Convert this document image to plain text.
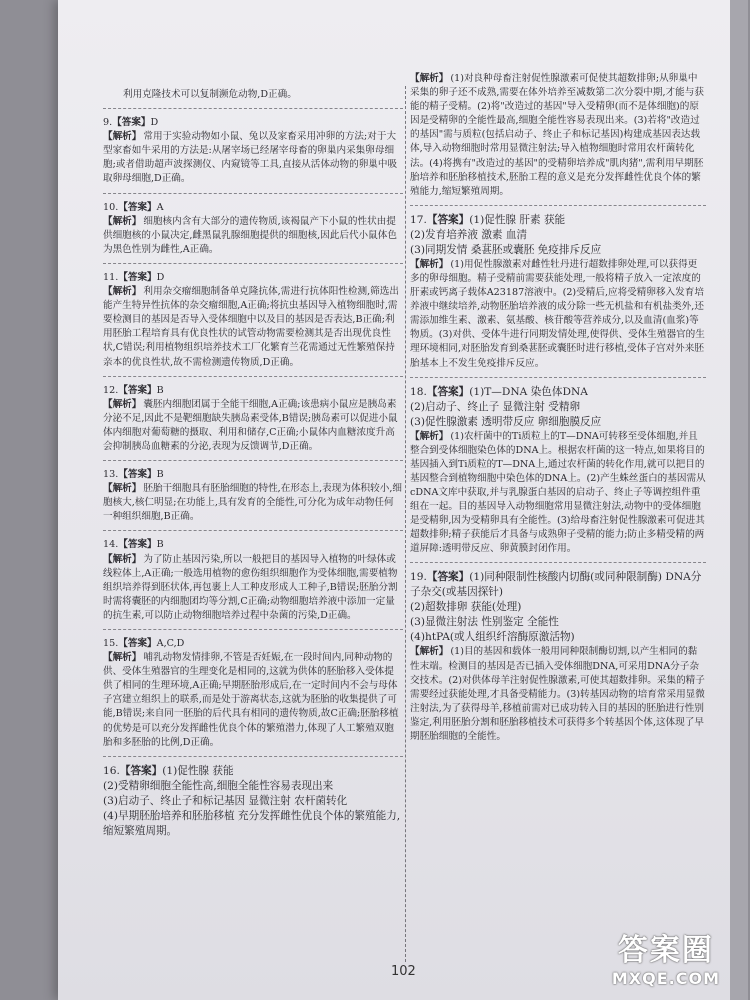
利用克隆技术可以复制濒危动物,D正确。

9.【答案】D

【解析】 常用于实验动物如小鼠、兔以及家畜采用冲卵的方法;对于大型家畜如牛采用的方法是:从屠宰场已经屠宰母畜的卵巢内采集卵母细胞;或者借助超声波探测仪、内窥镜等工具,直接从活体动物的卵巢中吸取卵母细胞,D正确。

10.【答案】A

【解析】 细胞核内含有大部分的遗传物质,该褐鼠产下小鼠的性状由提供细胞核的小鼠决定,雌黑鼠乳腺细胞提供的细胞核,因此后代小鼠体色为黑色性别为雌性,A正确。

11.【答案】D

【解析】 利用杂交瘤细胞制备单克隆抗体,需进行抗体阳性检测,筛选出能产生特异性抗体的杂交瘤细胞,A正确;将抗虫基因导入植物细胞时,需要检测目的基因是否导入受体细胞中以及目的基因是否表达,B正确;利用胚胎工程培育具有优良性状的试管动物需要检测其是否出现优良性状,C错误;利用植物组织培养技术工厂化繁育兰花需通过无性繁殖保持亲本的优良性状,故不需检测遗传物质,D正确。

12.【答案】B

【解析】 囊胚内细胞团属于全能干细胞,A正确;该患病小鼠应是胰岛素分泌不足,因此不是靶细胞缺失胰岛素受体,B错误;胰岛素可以促进小鼠体内细胞对葡萄糖的摄取、利用和储存,C正确;小鼠体内血糖浓度升高会抑制胰岛血糖素的分泌,表现为反馈调节,D正确。

13.【答案】B

【解析】 胚胎干细胞具有胚胎细胞的特性,在形态上,表现为体积较小,细胞核大,核仁明显;在功能上,具有发育的全能性,可分化为成年动物任何一种组织细胞,B正确。

14.【答案】B

【解析】 为了防止基因污染,所以一般把目的基因导入植物的叶绿体或线粒体上,A正确;一般选用植物的愈伤组织细胞作为受体细胞,需要植物组织培养得到胚状体,再包裹上人工种皮形成人工种子,B错误;胚胎分割时需将囊胚的内细胞团均等分割,C正确;动物细胞培养液中添加一定量的抗生素,可以防止动物细胞培养过程中杂菌的污染,D正确。

15.【答案】A,C,D

【解析】 哺乳动物发情排卵,不管是否妊娠,在一段时间内,同种动物的供、受体生殖器官的生理变化是相同的,这就为供体的胚胎移入受体提供了相同的生理环境,A正确;早期胚胎形成后,在一定时间内不会与母体子宫建立组织上的联系,而是处于游离状态,这就为胚胎的收集提供了可能,B错误;来自同一胚胎的后代具有相同的遗传物质,故C正确;胚胎移植的优势是可以充分发挥雌性优良个体的繁殖潜力,体现了人工繁殖双胞胎和多胚胎的比例,D正确。

16.【答案】(1)促性腺 获能

(2)受精卵细胞全能性高,细胞全能性容易表现出来

(3)启动子、终止子和标记基因 显微注射 农杆菌转化

(4)早期胚胎培养和胚胎移植 充分发挥雌性优良个体的繁殖能力,缩短繁殖周期。

【解析】 (1)对良种母畜注射促性腺激素可促使其超数排卵;从卵巢中采集的卵子还不成熟,需要在体外培养至减数第二次分裂中期,才能与获能的精子受精。(2)将"改造过的基因"导入受精卵(而不是体细胞)的原因是受精卵的全能性最高,细胞全能性容易表现出来。(3)若将"改造过的基因"需与质粒(包括启动子、终止子和标记基因)构建成基因表达载体,导入动物细胞时常用显微注射法;导入植物细胞时常用农杆菌转化法。(4)将携有"改造过的基因"的受精卵培养成"肌肉猪",需利用早期胚胎培养和胚胎移植技术,胚胎工程的意义是充分发挥雌性优良个体的繁殖能力,缩短繁殖周期。

17.【答案】(1)促性腺 肝素 获能

(2)发育培养液 激素 血清

(3)同期发情 桑葚胚或囊胚 免疫排斥反应

【解析】 (1)用促性腺激素对雌性牡丹进行超数排卵处理,可以获得更多的卵母细胞。精子受精前需要获能处理,一般将精子放入一定浓度的肝素或钙离子载体A23187溶液中。(2)受精后,应将受精卵移入发育培养液中继续培养,动物胚胎培养液的成分除一些无机盐和有机盐类外,还需添加维生素、激素、氨基酸、核苷酸等营养成分,以及血清(血浆)等物质。(3)对供、受体牛进行同期发情处理,使得供、受体生殖器官的生理环境相同,对胚胎发育到桑葚胚或囊胚时进行移植,受体子宫对外来胚胎基本上不发生免疫排斥反应。

18.【答案】(1)T—DNA 染色体DNA

(2)启动子、终止子 显微注射 受精卵

(3)促性腺激素 透明带反应 卵细胞膜反应

【解析】 (1)农杆菌中的Ti质粒上的T—DNA可转移至受体细胞,并且整合到受体细胞染色体的DNA上。根据农杆菌的这一特点,如果将目的基因插入到Ti质粒的T—DNA上,通过农杆菌的转化作用,就可以把目的基因整合到植物细胞中染色体的DNA上。(2)产生蛛丝蛋白的基因需从cDNA文库中获取,并与乳腺蛋白基因的启动子、终止子等调控组件重组在一起。目的基因导入动物细胞常用显微注射法,动物中的受体细胞是受精卵,因为受精卵具有全能性。(3)给母畜注射促性腺激素可促进其超数排卵;精子获能后才具备与成熟卵子受精的能力;防止多精受精的两道屏障:透明带反应、卵黄膜封闭作用。

19.【答案】(1)同种限制性核酸内切酶(或同种限制酶) DNA分子杂交(或基因探针)

(2)超数排卵 获能(处理)

(3)显微注射法 性别鉴定 全能性

(4)htPA(或人组织纤溶酶原激活物)

【解析】 (1)目的基因和载体一般用同种限制酶切割,以产生相同的黏性末端。检测目的基因是否已插入受体细胞DNA,可采用DNA分子杂交技术。(2)对供体母羊注射促性腺激素,可使其超数排卵。采集的精子需要经过获能处理,才具备受精能力。(3)转基因动物的培育常采用显微注射法,为了获得母羊,移植前需对已成功转入目的基因的胚胎进行性别鉴定,利用胚胎分割和胚胎移植技术可获得多个转基因个体,这体现了早期胚胎细胞的全能性。

102
答案圈
MXQE.COM
